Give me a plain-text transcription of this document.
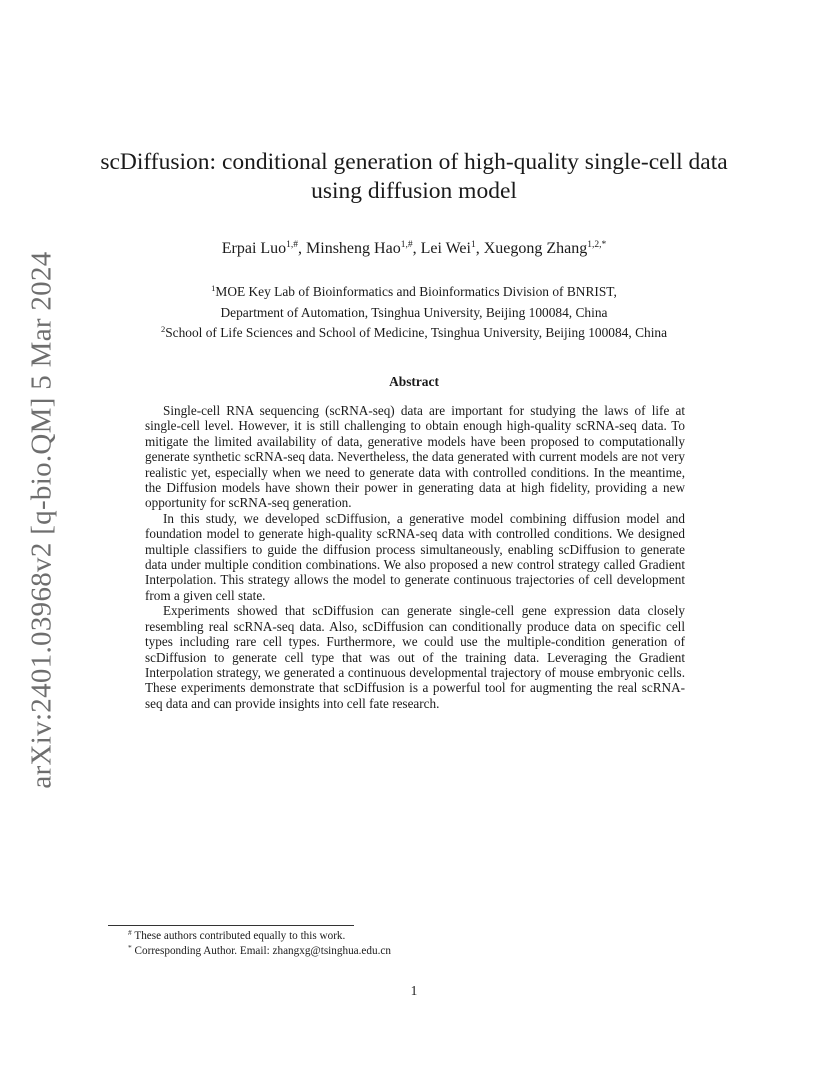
arXiv:2401.03968v2 [q-bio.QM] 5 Mar 2024
scDiffusion: conditional generation of high-quality single-cell data
using diffusion model
Erpai Luo$^{1,\#}$, Minsheng Hao$^{1,\#}$, Lei Wei$^1$, Xuegong Zhang$^{1,2,*}$
$^1$MOE Key Lab of Bioinformatics and Bioinformatics Division of BNRIST,
Department of Automation, Tsinghua University, Beijing 100084, China
$^2$School of Life Sciences and School of Medicine, Tsinghua University, Beijing 100084, China
Abstract

Single-cell RNA sequencing (scRNA-seq) data are important for studying the laws of life at single-cell level. However, it is still challenging to obtain enough high-quality scRNA-seq data. To mitigate the limited availability of data, generative models have been proposed to computationally generate synthetic scRNA-seq data. Nevertheless, the data generated with current models are not very realistic yet, especially when we need to generate data with controlled conditions. In the meantime, the Diffusion models have shown their power in generating data at high fidelity, providing a new opportunity for scRNA-seq generation.

In this study, we developed scDiffusion, a generative model combining diffusion model and foundation model to generate high-quality scRNA-seq data with controlled conditions. We designed multiple classifiers to guide the diffusion process simultaneously, enabling scDiffusion to generate data under multiple condition combinations. We also proposed a new control strategy called Gradient Interpolation. This strategy allows the model to generate continuous trajectories of cell development from a given cell state.

Experiments showed that scDiffusion can generate single-cell gene expression data closely resembling real scRNA-seq data. Also, scDiffusion can conditionally produce data on specific cell types including rare cell types. Furthermore, we could use the multiple-condition generation of scDiffusion to generate cell type that was out of the training data. Leveraging the Gradient Interpolation strategy, we generated a continuous developmental trajectory of mouse embryonic cells. These experiments demonstrate that scDiffusion is a powerful tool for augmenting the real scRNA-seq data and can provide insights into cell fate research.

# These authors contributed equally to this work.
* Corresponding Author. Email: zhangxg@tsinghua.edu.cn
1
